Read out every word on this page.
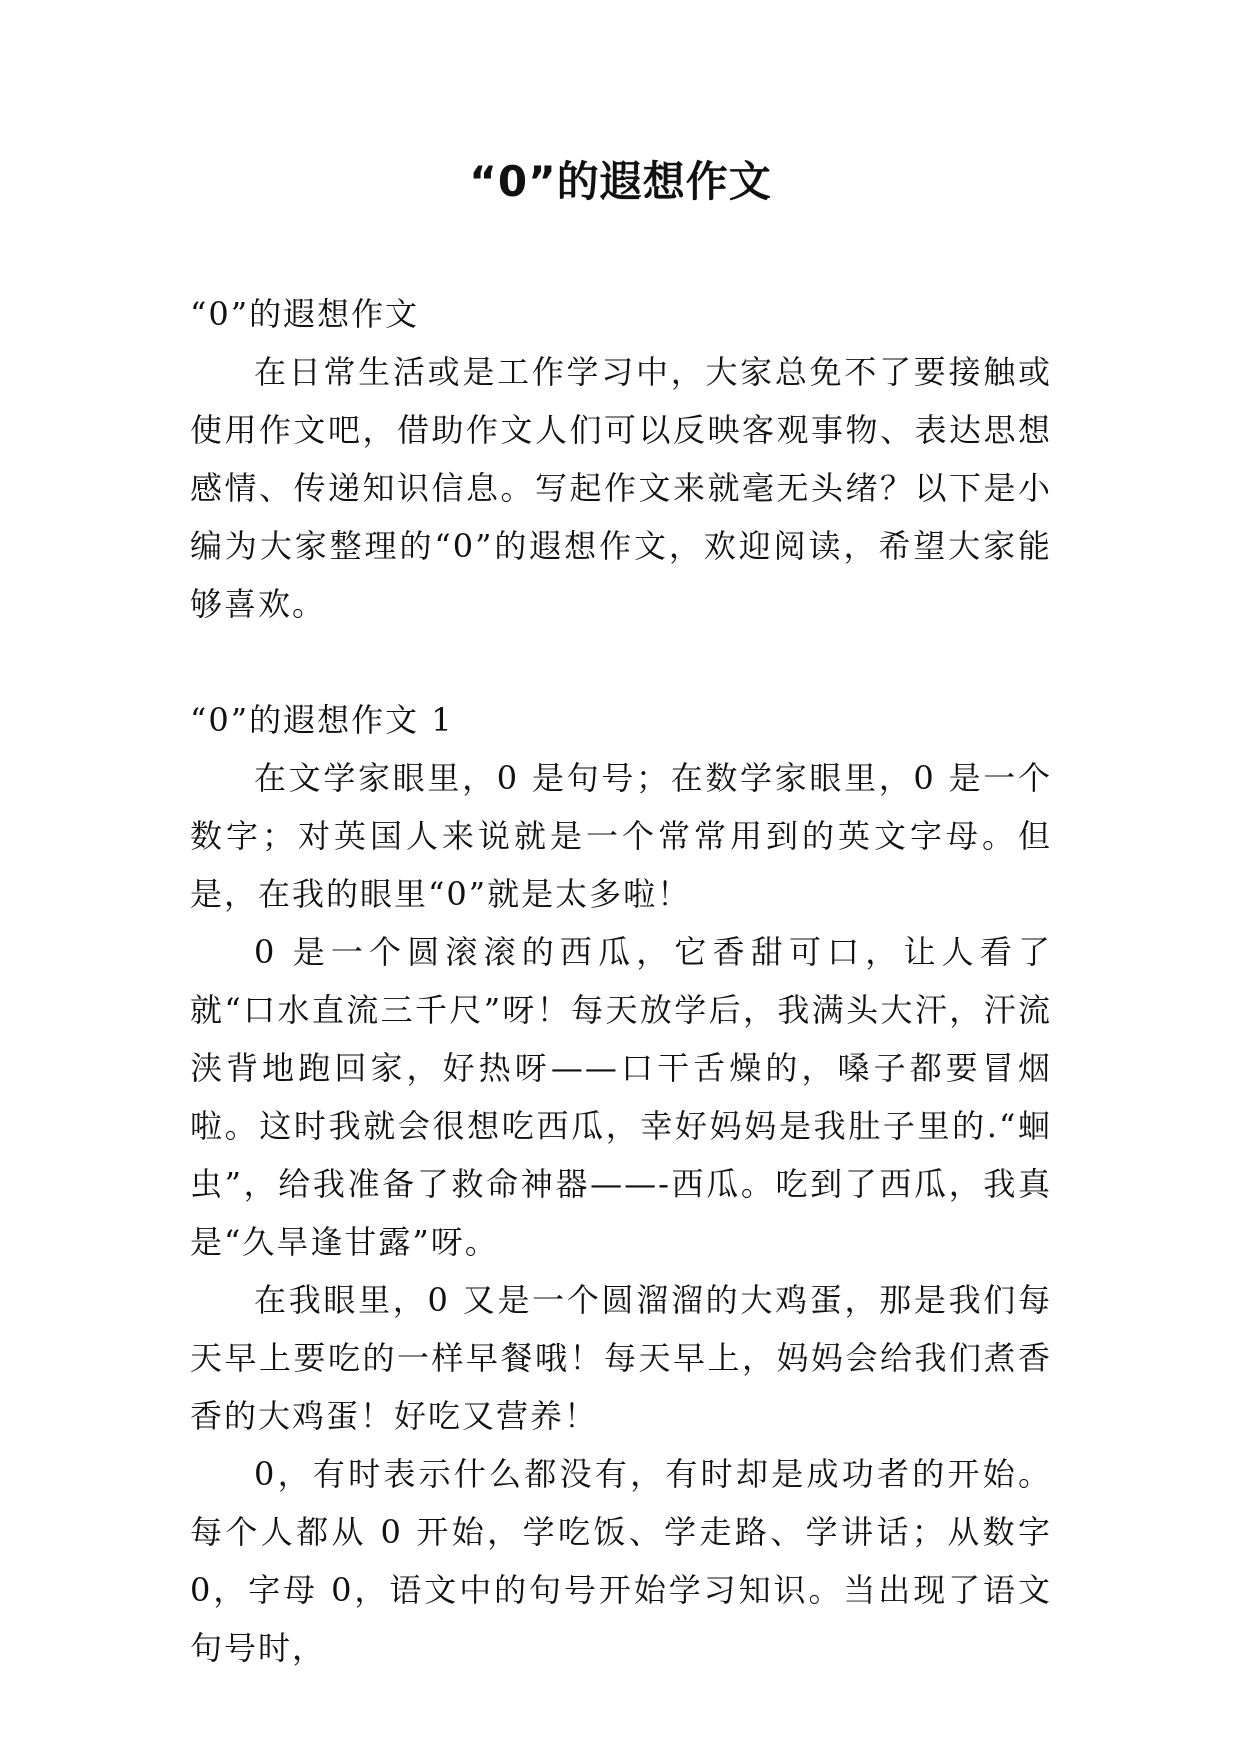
“0”的遐想作文

“0”的遐想作文

在日常生活或是工作学习中，大家总免不了要接触或使用作文吧，借助作文人们可以反映客观事物、表达思想感情、传递知识信息。写起作文来就毫无头绪？以下是小编为大家整理的“0”的遐想作文，欢迎阅读，希望大家能够喜欢。

“0”的遐想作文 1

在文学家眼里，0 是句号；在数学家眼里，0 是一个数字；对英国人来说就是一个常常用到的英文字母。但是，在我的眼里“0”就是太多啦！

0 是一个圆滚滚的西瓜，它香甜可口，让人看了就“口水直流三千尺”呀！每天放学后，我满头大汗，汗流浃背地跑回家，好热呀——口干舌燥的，嗓子都要冒烟啦。这时我就会很想吃西瓜，幸好妈妈是我肚子里的.“蛔虫”，给我准备了救命神器——-西瓜。吃到了西瓜，我真是“久旱逢甘露”呀。

在我眼里，0 又是一个圆溜溜的大鸡蛋，那是我们每天早上要吃的一样早餐哦！每天早上，妈妈会给我们煮香香的大鸡蛋！好吃又营养！

0，有时表示什么都没有，有时却是成功者的开始。每个人都从 0 开始，学吃饭、学走路、学讲话；从数字 0，字母 0，语文中的句号开始学习知识。当出现了语文句号时，
